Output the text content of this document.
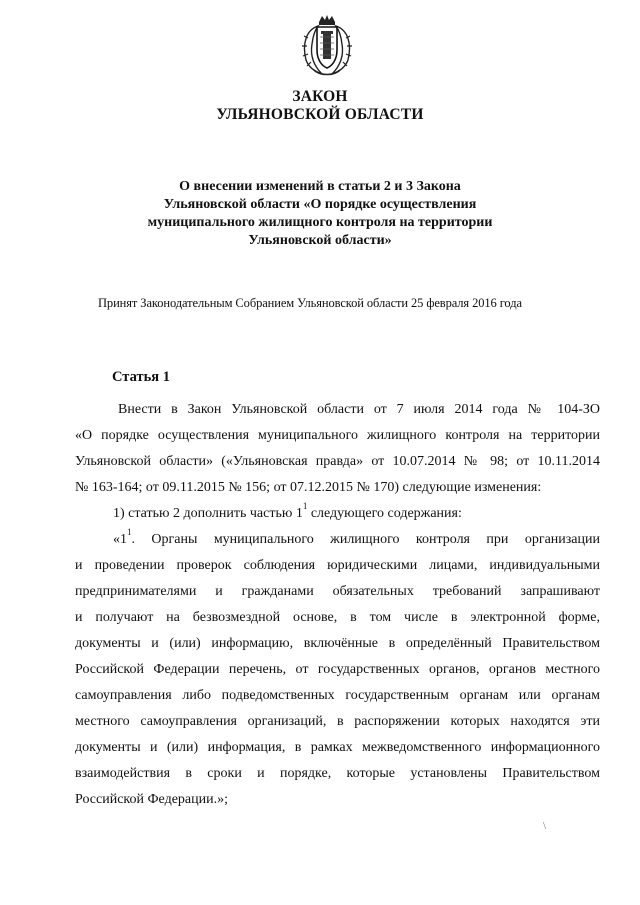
ЗАКОН
УЛЬЯНОВСКОЙ ОБЛАСТИ
О внесении изменений в статьи 2 и 3 Закона
Ульяновской области «О порядке осуществления
муниципального жилищного контроля на территории
Ульяновской области»
Принят Законодательным Собранием Ульяновской области 25 февраля 2016 года
Статья 1
Внести в Закон Ульяновской области от 7 июля 2014 года № 104-ЗО
«О порядке осуществления муниципального жилищного контроля на территории
Ульяновской области» («Ульяновская правда» от 10.07.2014 № 98; от 10.11.2014
№ 163-164; от 09.11.2015 № 156; от 07.12.2015 № 170) следующие изменения:
1) статью 2 дополнить частью $1^1$ следующего содержания:
«$1^1$. Органы муниципального жилищного контроля при организации
и проведении проверок соблюдения юридическими лицами, индивидуальными
предпринимателями и гражданами обязательных требований запрашивают
и получают на безвозмездной основе, в том числе в электронной форме,
документы и (или) информацию, включённые в определённый Правительством
Российской Федерации перечень, от государственных органов, органов местного
самоуправления либо подведомственных государственным органам или органам
местного самоуправления организаций, в распоряжении которых находятся эти
документы и (или) информация, в рамках межведомственного информационного
взаимодействия в сроки и порядке, которые установлены Правительством
Российской Федерации.»;
\
